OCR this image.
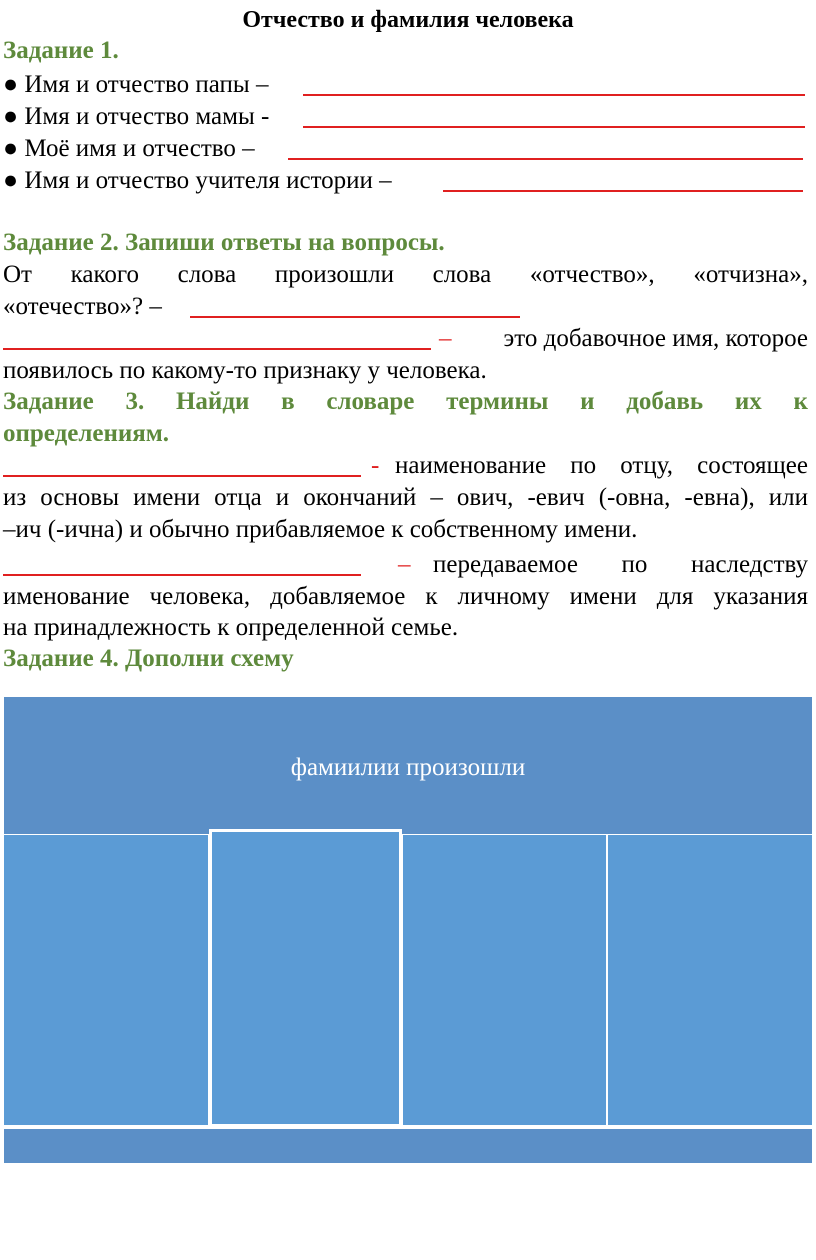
Отчество и фамилия человека
Задание 1.
● Имя и отчество папы –
● Имя и отчество мамы -
● Моё имя и отчество –
● Имя и отчество учителя истории –
Задание 2. Запиши ответы на вопросы.
От какого слова произошли слова «отчество», «отчизна»,
«отечество»? –
–	это добавочное имя, которое
появилось по какому-то признаку у человека.
Задание 3. Найди в словаре термины и добавь их к
определениям.
- наименование по отцу, состоящее
из основы имени отца и окончаний – ович, -евич (-овна, -евна), или
–ич (-ична) и обычно прибавляемое к собственному имени.
– передаваемое по наследству
именование человека, добавляемое к личному имени для указания
на принадлежность к определенной семье.
Задание 4. Дополни схему
фамиилии произошли
